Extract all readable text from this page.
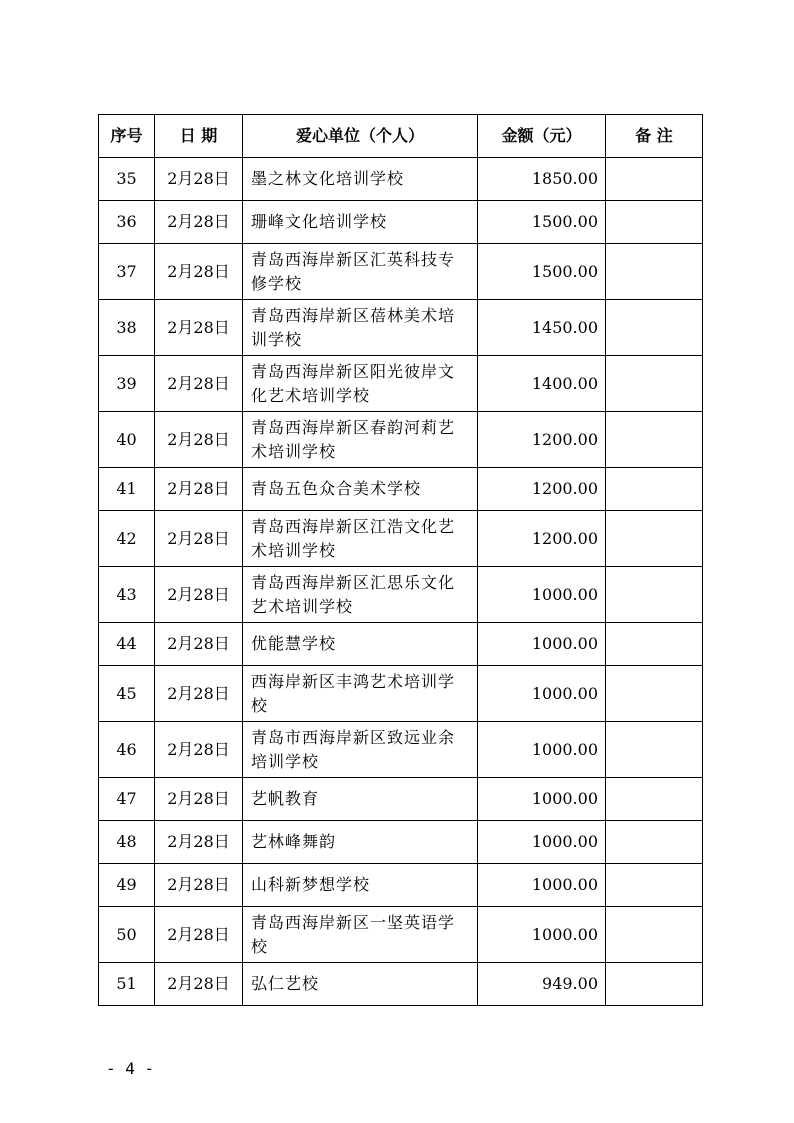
序号	日 期	爱心单位（个人）	金额（元）	备 注
35	2月28日	墨之林文化培训学校	1850.00	
36	2月28日	珊峰文化培训学校	1500.00	
37	2月28日	青岛西海岸新区汇英科技专修学校	1500.00	
38	2月28日	青岛西海岸新区蓓林美术培训学校	1450.00	
39	2月28日	青岛西海岸新区阳光彼岸文化艺术培训学校	1400.00	
40	2月28日	青岛西海岸新区春韵河莉艺术培训学校	1200.00	
41	2月28日	青岛五色众合美术学校	1200.00	
42	2月28日	青岛西海岸新区江浩文化艺术培训学校	1200.00	
43	2月28日	青岛西海岸新区汇思乐文化艺术培训学校	1000.00	
44	2月28日	优能慧学校	1000.00	
45	2月28日	西海岸新区丰鸿艺术培训学校	1000.00	
46	2月28日	青岛市西海岸新区致远业余培训学校	1000.00	
47	2月28日	艺帆教育	1000.00	
48	2月28日	艺林峰舞韵	1000.00	
49	2月28日	山科新梦想学校	1000.00	
50	2月28日	青岛西海岸新区一坚英语学校	1000.00	
51	2月28日	弘仁艺校	949.00	
- 4 -
